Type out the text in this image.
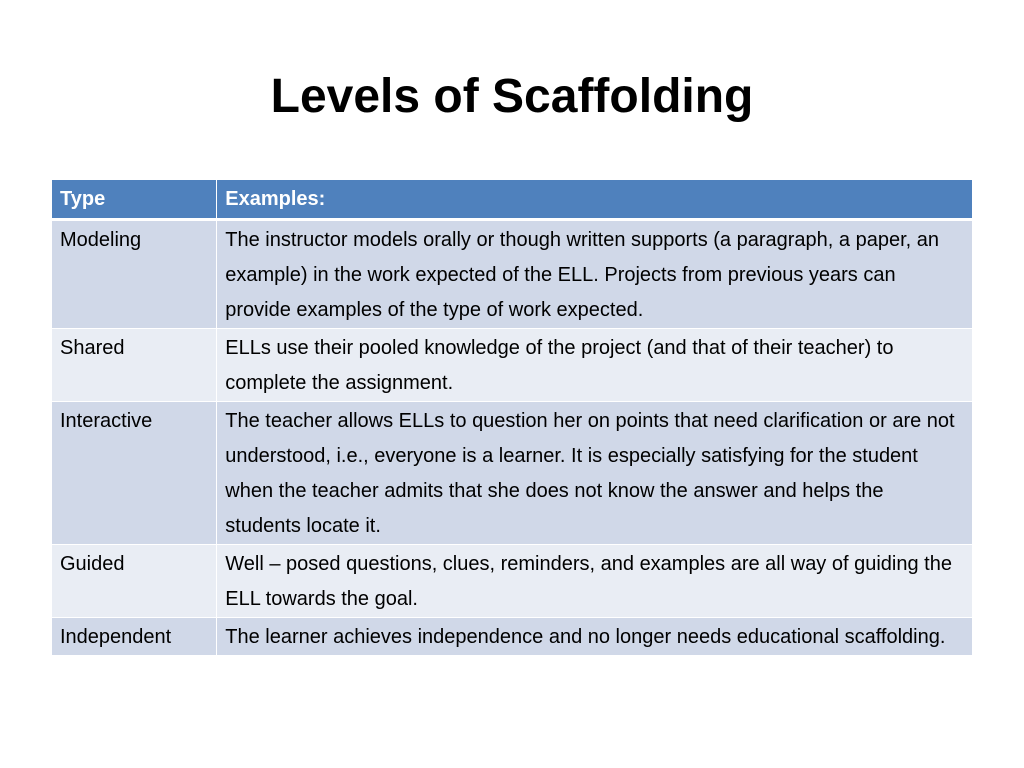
Levels of Scaffolding
Type	Examples:
Modeling	The instructor models orally or though written supports (a paragraph, a paper, an example) in the work expected of the ELL. Projects from previous years can provide examples of the type of work expected.
Shared	ELLs use their pooled knowledge of the project (and that of their teacher) to complete the assignment.
Interactive	The teacher allows ELLs to question her on points that need clarification or are not understood, i.e., everyone is a learner. It is especially satisfying for the student when the teacher admits that she does not know the answer and helps the students locate it.
Guided	Well – posed questions, clues, reminders, and examples are all way of guiding the ELL towards the goal.
Independent	The learner achieves independence and no longer needs educational scaffolding.
